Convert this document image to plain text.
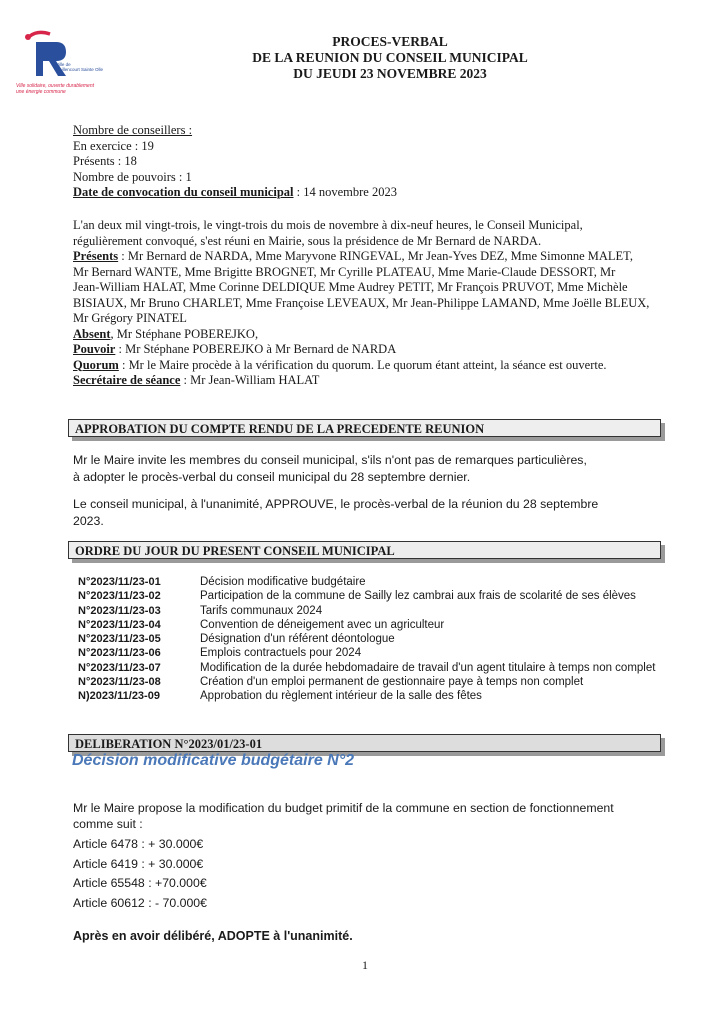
Ville de
Raillencourt Sainte Olle
Ville solidaire, ouverte durablement
une énergie commune
PROCES-VERBAL
DE LA REUNION DU CONSEIL MUNICIPAL
DU JEUDI 23 NOVEMBRE 2023
Nombre de conseillers :
En exercice : 19
Présents : 18
Nombre de pouvoirs : 1
Date de convocation du conseil municipal : 14 novembre 2023
L'an deux mil vingt-trois, le vingt-trois du mois de novembre à dix-neuf heures, le Conseil Municipal,
régulièrement convoqué, s'est réuni en Mairie, sous la présidence de Mr Bernard de NARDA.
Présents : Mr Bernard de NARDA, Mme Maryvone RINGEVAL, Mr Jean-Yves DEZ, Mme Simonne MALET,
Mr Bernard WANTE, Mme Brigitte BROGNET, Mr Cyrille PLATEAU, Mme Marie-Claude DESSORT, Mr
Jean-William HALAT, Mme Corinne DELDIQUE Mme Audrey PETIT, Mr François PRUVOT, Mme Michèle
BISIAUX, Mr Bruno CHARLET, Mme Françoise LEVEAUX, Mr Jean-Philippe LAMAND, Mme Joëlle BLEUX,
Mr Grégory PINATEL
Absent, Mr Stéphane POBEREJKO,
Pouvoir : Mr Stéphane POBEREJKO à Mr Bernard de NARDA
Quorum : Mr le Maire procède à la vérification du quorum. Le quorum étant atteint, la séance est ouverte.
Secrétaire de séance : Mr Jean-William HALAT
APPROBATION DU COMPTE RENDU DE LA PRECEDENTE REUNION
Mr le Maire invite les membres du conseil municipal, s'ils n'ont pas de remarques particulières,
à adopter le procès-verbal du conseil municipal du 28 septembre dernier.
Le conseil municipal, à l'unanimité, APPROUVE, le procès-verbal de la réunion du 28 septembre
2023.
ORDRE DU JOUR DU PRESENT CONSEIL MUNICIPAL
N°2023/11/23-01	Décision modificative budgétaire
N°2023/11/23-02	Participation de la commune de Sailly lez cambrai aux frais de scolarité de ses élèves
N°2023/11/23-03	Tarifs communaux 2024
N°2023/11/23-04	Convention de déneigement avec un agriculteur
N°2023/11/23-05	Désignation d'un référent déontologue
N°2023/11/23-06	Emplois contractuels pour 2024
N°2023/11/23-07	Modification de la durée hebdomadaire de travail d'un agent titulaire à temps non complet
N°2023/11/23-08	Création d'un emploi permanent de gestionnaire paye à temps non complet
N)2023/11/23-09	Approbation du règlement intérieur de la salle des fêtes
DELIBERATION N°2023/01/23-01
Décision modificative budgétaire N°2
Mr le Maire propose la modification du budget primitif de la commune en section de fonctionnement
comme suit :
Article 6478 : + 30.000€
Article 6419 : + 30.000€
Article 65548 : +70.000€
Article 60612 : - 70.000€
Après en avoir délibéré, ADOPTE à l'unanimité.
1
